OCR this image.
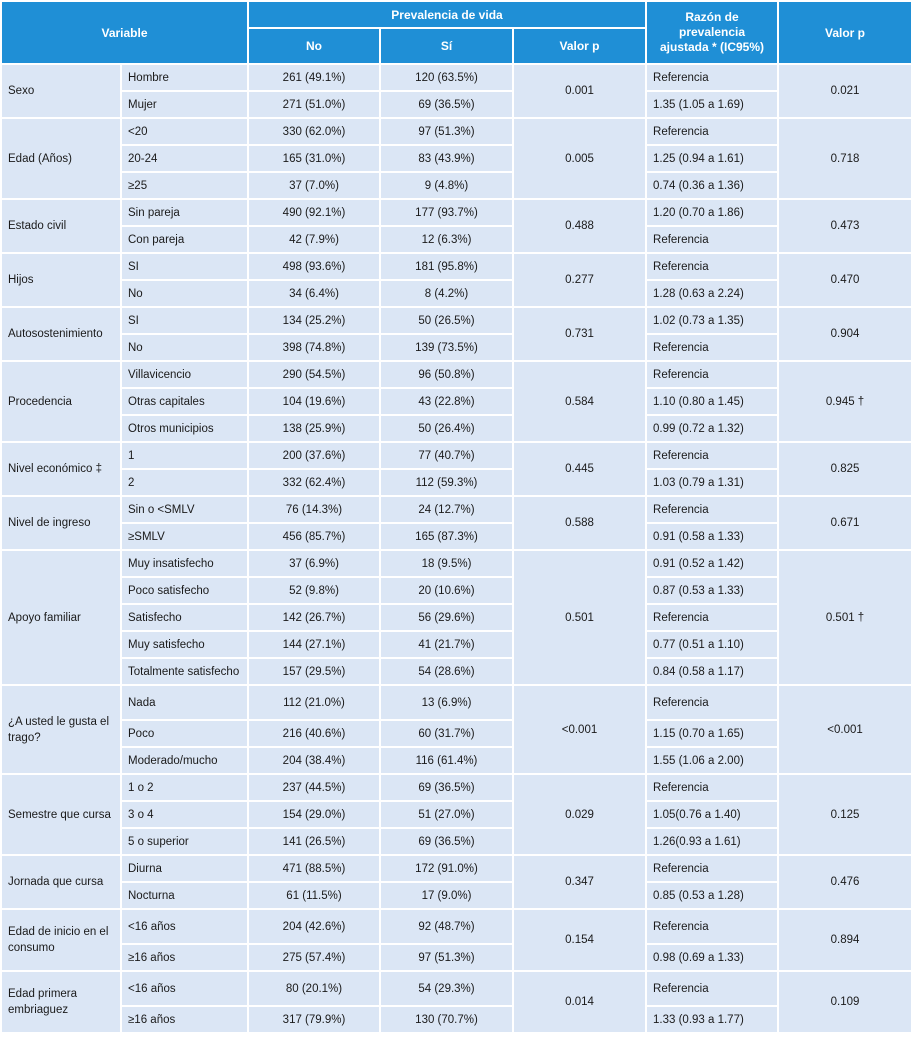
Variable		Prevalencia de vida			Razón de prevalencia ajustada * (IC95%)	Valor p
		No	Sí	Valor p		
Sexo	Hombre	261 (49.1%)	120 (63.5%)	0.001	Referencia	0.021
	Mujer	271 (51.0%)	69 (36.5%)		1.35 (1.05 a 1.69)	
Edad (Años)	<20	330 (62.0%)	97 (51.3%)	0.005	Referencia	0.718
	20-24	165 (31.0%)	83 (43.9%)		1.25 (0.94 a 1.61)	
	≥25	37 (7.0%)	9 (4.8%)		0.74 (0.36 a 1.36)	
Estado civil	Sin pareja	490 (92.1%)	177 (93.7%)	0.488	1.20 (0.70 a 1.86)	0.473
	Con pareja	42 (7.9%)	12 (6.3%)		Referencia	
Hijos	SI	498 (93.6%)	181 (95.8%)	0.277	Referencia	0.470
	No	34 (6.4%)	8 (4.2%)		1.28 (0.63 a 2.24)	
Autosostenimiento	SI	134 (25.2%)	50 (26.5%)	0.731	1.02 (0.73 a 1.35)	0.904
	No	398 (74.8%)	139 (73.5%)		Referencia	
Procedencia	Villavicencio	290 (54.5%)	96 (50.8%)	0.584	Referencia	0.945 †
	Otras capitales	104 (19.6%)	43 (22.8%)		1.10 (0.80 a 1.45)	
	Otros municipios	138 (25.9%)	50 (26.4%)		0.99 (0.72 a 1.32)	
Nivel económico ‡	1	200 (37.6%)	77 (40.7%)	0.445	Referencia	0.825
	2	332 (62.4%)	112 (59.3%)		1.03 (0.79 a 1.31)	
Nivel de ingreso	Sin o <SMLV	76 (14.3%)	24 (12.7%)	0.588	Referencia	0.671
	≥SMLV	456 (85.7%)	165 (87.3%)		0.91 (0.58 a 1.33)	
Apoyo familiar	Muy insatisfecho	37 (6.9%)	18 (9.5%)	0.501	0.91 (0.52 a 1.42)	0.501 †
	Poco satisfecho	52 (9.8%)	20 (10.6%)		0.87 (0.53 a 1.33)	
	Satisfecho	142 (26.7%)	56 (29.6%)		Referencia	
	Muy satisfecho	144 (27.1%)	41 (21.7%)		0.77 (0.51 a 1.10)	
	Totalmente satisfecho	157 (29.5%)	54 (28.6%)		0.84 (0.58 a 1.17)	
¿A usted le gusta el trago?	Nada	112 (21.0%)	13 (6.9%)	<0.001	Referencia	<0.001
	Poco	216 (40.6%)	60 (31.7%)		1.15 (0.70 a 1.65)	
	Moderado/mucho	204 (38.4%)	116 (61.4%)		1.55 (1.06 a 2.00)	
Semestre que cursa	1 o 2	237 (44.5%)	69 (36.5%)	0.029	Referencia	0.125
	3 o 4	154 (29.0%)	51 (27.0%)		1.05(0.76 a 1.40)	
	5 o superior	141 (26.5%)	69 (36.5%)		1.26(0.93 a 1.61)	
Jornada que cursa	Diurna	471 (88.5%)	172 (91.0%)	0.347	Referencia	0.476
	Nocturna	61 (11.5%)	17 (9.0%)		0.85 (0.53 a 1.28)	
Edad de inicio en el consumo	<16 años	204 (42.6%)	92 (48.7%)	0.154	Referencia	0.894
	≥16 años	275 (57.4%)	97 (51.3%)		0.98 (0.69 a 1.33)	
Edad primera embriaguez	<16 años	80 (20.1%)	54 (29.3%)	0.014	Referencia	0.109
	≥16 años	317 (79.9%)	130 (70.7%)		1.33 (0.93 a 1.77)	
